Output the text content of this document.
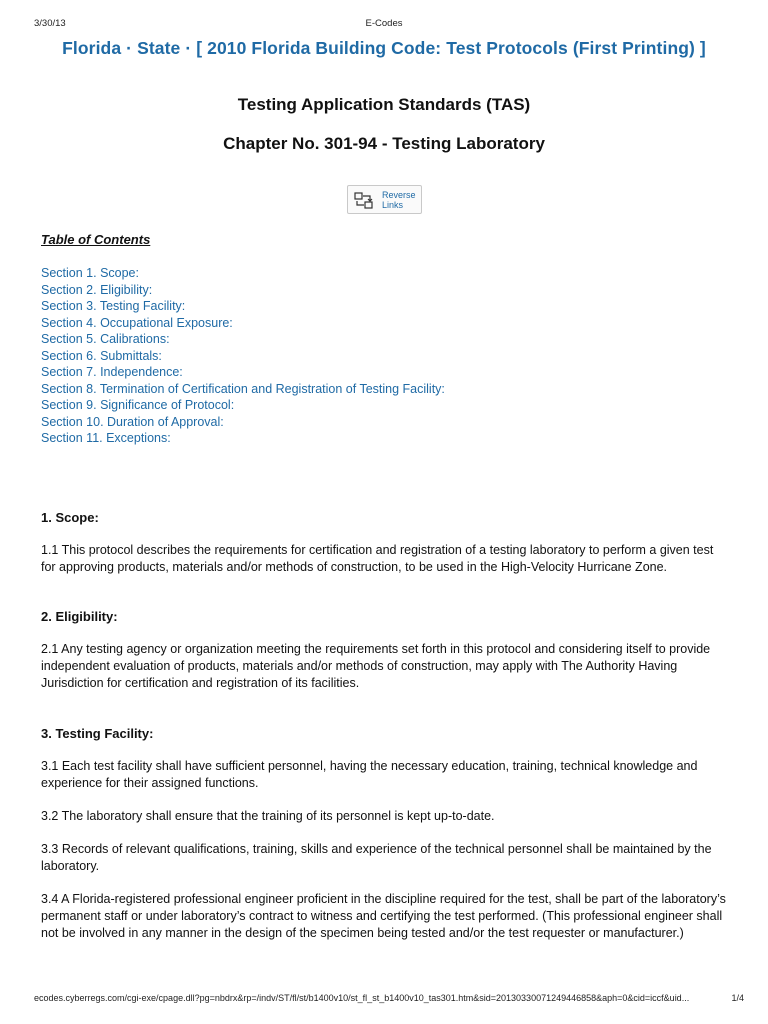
3/30/13	E-Codes
Florida · State · [ 2010 Florida Building Code: Test Protocols (First Printing) ]
Testing Application Standards (TAS)
Chapter No. 301-94 - Testing Laboratory
Reverse
Links
Table of Contents
Section 1. Scope:
Section 2. Eligibility:
Section 3. Testing Facility:
Section 4. Occupational Exposure:
Section 5. Calibrations:
Section 6. Submittals:
Section 7. Independence:
Section 8. Termination of Certification and Registration of Testing Facility:
Section 9. Significance of Protocol:
Section 10. Duration of Approval:
Section 11. Exceptions:
1. Scope:
1.1 This protocol describes the requirements for certification and registration of a testing laboratory to perform a given test for approving products, materials and/or methods of construction, to be used in the High-Velocity Hurricane Zone.
2. Eligibility:
2.1 Any testing agency or organization meeting the requirements set forth in this protocol and considering itself to provide independent evaluation of products, materials and/or methods of construction, may apply with The Authority Having Jurisdiction for certification and registration of its facilities.
3. Testing Facility:
3.1 Each test facility shall have sufficient personnel, having the necessary education, training, technical knowledge and experience for their assigned functions.
3.2 The laboratory shall ensure that the training of its personnel is kept up-to-date.
3.3 Records of relevant qualifications, training, skills and experience of the technical personnel shall be maintained by the laboratory.
3.4 A Florida-registered professional engineer proficient in the discipline required for the test, shall be part of the laboratory’s permanent staff or under laboratory’s contract to witness and certifying the test performed. (This professional engineer shall not be involved in any manner in the design of the specimen being tested and/or the test requester or manufacturer.)
ecodes.cyberregs.com/cgi-exe/cpage.dll?pg=nbdrx&rp=/indv/ST/fl/st/b1400v10/st_fl_st_b1400v10_tas301.htm&sid=20130330071249446858&aph=0&cid=iccf&uid...	1/4
